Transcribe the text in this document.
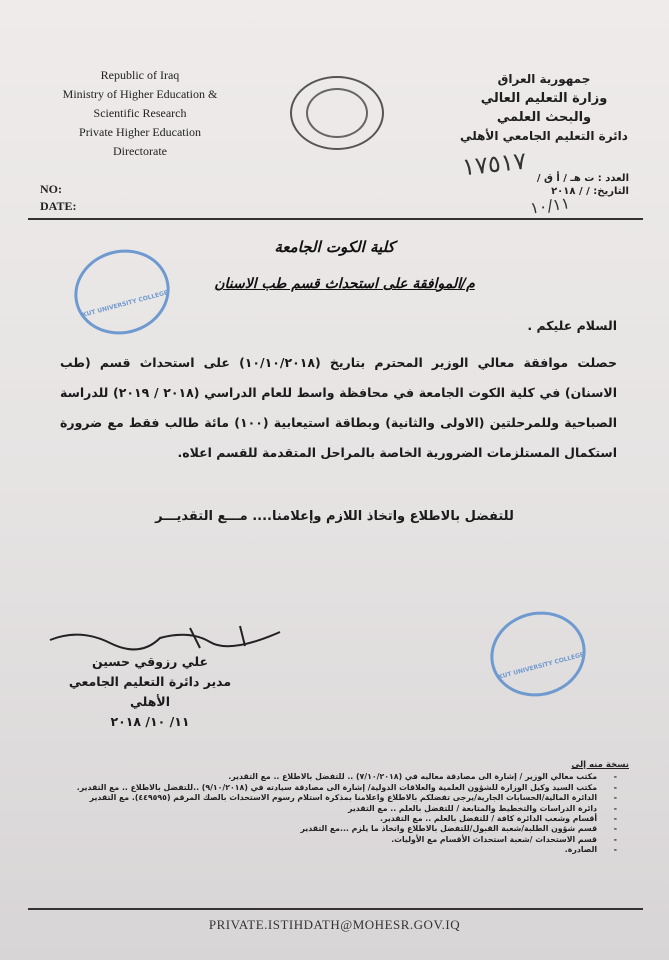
Republic of Iraq
Ministry of Higher Education &
Scientific Research
Private Higher Education
Directorate
NO:
DATE:
جمهورية العراق
وزارة التعليم العالي والبحث العلمي
دائرة التعليم الجامعي الأهلي
١٧٥١٧ العدد : ت هـ / أ ق /
التاريخ: / / ٢٠١٨
١٠/١١
KUT UNIVERSITY COLLEGE
كلية الكوت الجامعة
م/الموافقة على استحداث قسم طب الاسنان
السلام عليكم .
حصلت موافقة معالي الوزير المحترم بتاريخ (١٠/١٠/٢٠١٨) على استحداث قسم (طب الاسنان) في كلية الكوت الجامعة في محافظة واسط للعام الدراسي (٢٠١٨ / ٢٠١٩) للدراسة الصباحية وللمرحلتين (الاولى والثانية) وبطاقة استيعابية (١٠٠) مائة طالب فقط مع ضرورة استكمال المستلزمات الضرورية الخاصة بالمراحل المتقدمة للقسم اعلاه.
للتفضل بالاطلاع واتخاذ اللازم وإعلامنا.... مـــع التقديـــر
علي رزوقي حسين
مدير دائرة التعليم الجامعي الأهلي
١١/ ١٠/ ٢٠١٨
KUT UNIVERSITY COLLEGE
نسخة منه إلى
- مكتب معالي الوزير / إشارة الى مصادقة معاليه في (٧/١٠/٢٠١٨) .. للتفضل بالاطلاع .. مع التقدير.
- مكتب السيد وكيل الوزارة للشؤون العلمية والعلاقات الدولية/ إشارة الى مصادقة سيادته في (٩/١٠/٢٠١٨) ..للتفضل بالاطلاع .. مع التقدير.
- الدائرة المالية/الحسابات الجارية/يرجى تفضلكم بالاطلاع واعلامنا بمذكرة استلام رسوم الاستحداث بالصك المرقم (٤٤٩٥٩٥). مع التقدير
- دائرة الدراسات والتخطيط والمتابعة / للتفضل بالعلم .. مع التقدير
- أقسام وشعب الدائرة كافة / للتفضل بالعلم .. مع التقدير.
- قسم شؤون الطلبة/شعبة القبول/للتفضل بالاطلاع واتخاذ ما يلزم ...مع التقدير
- قسم الاستحداث /شعبة استحداث الأقسام مع الأوليات.
- الصادرة.
PRIVATE.ISTIHDATH@MOHESR.GOV.IQ
